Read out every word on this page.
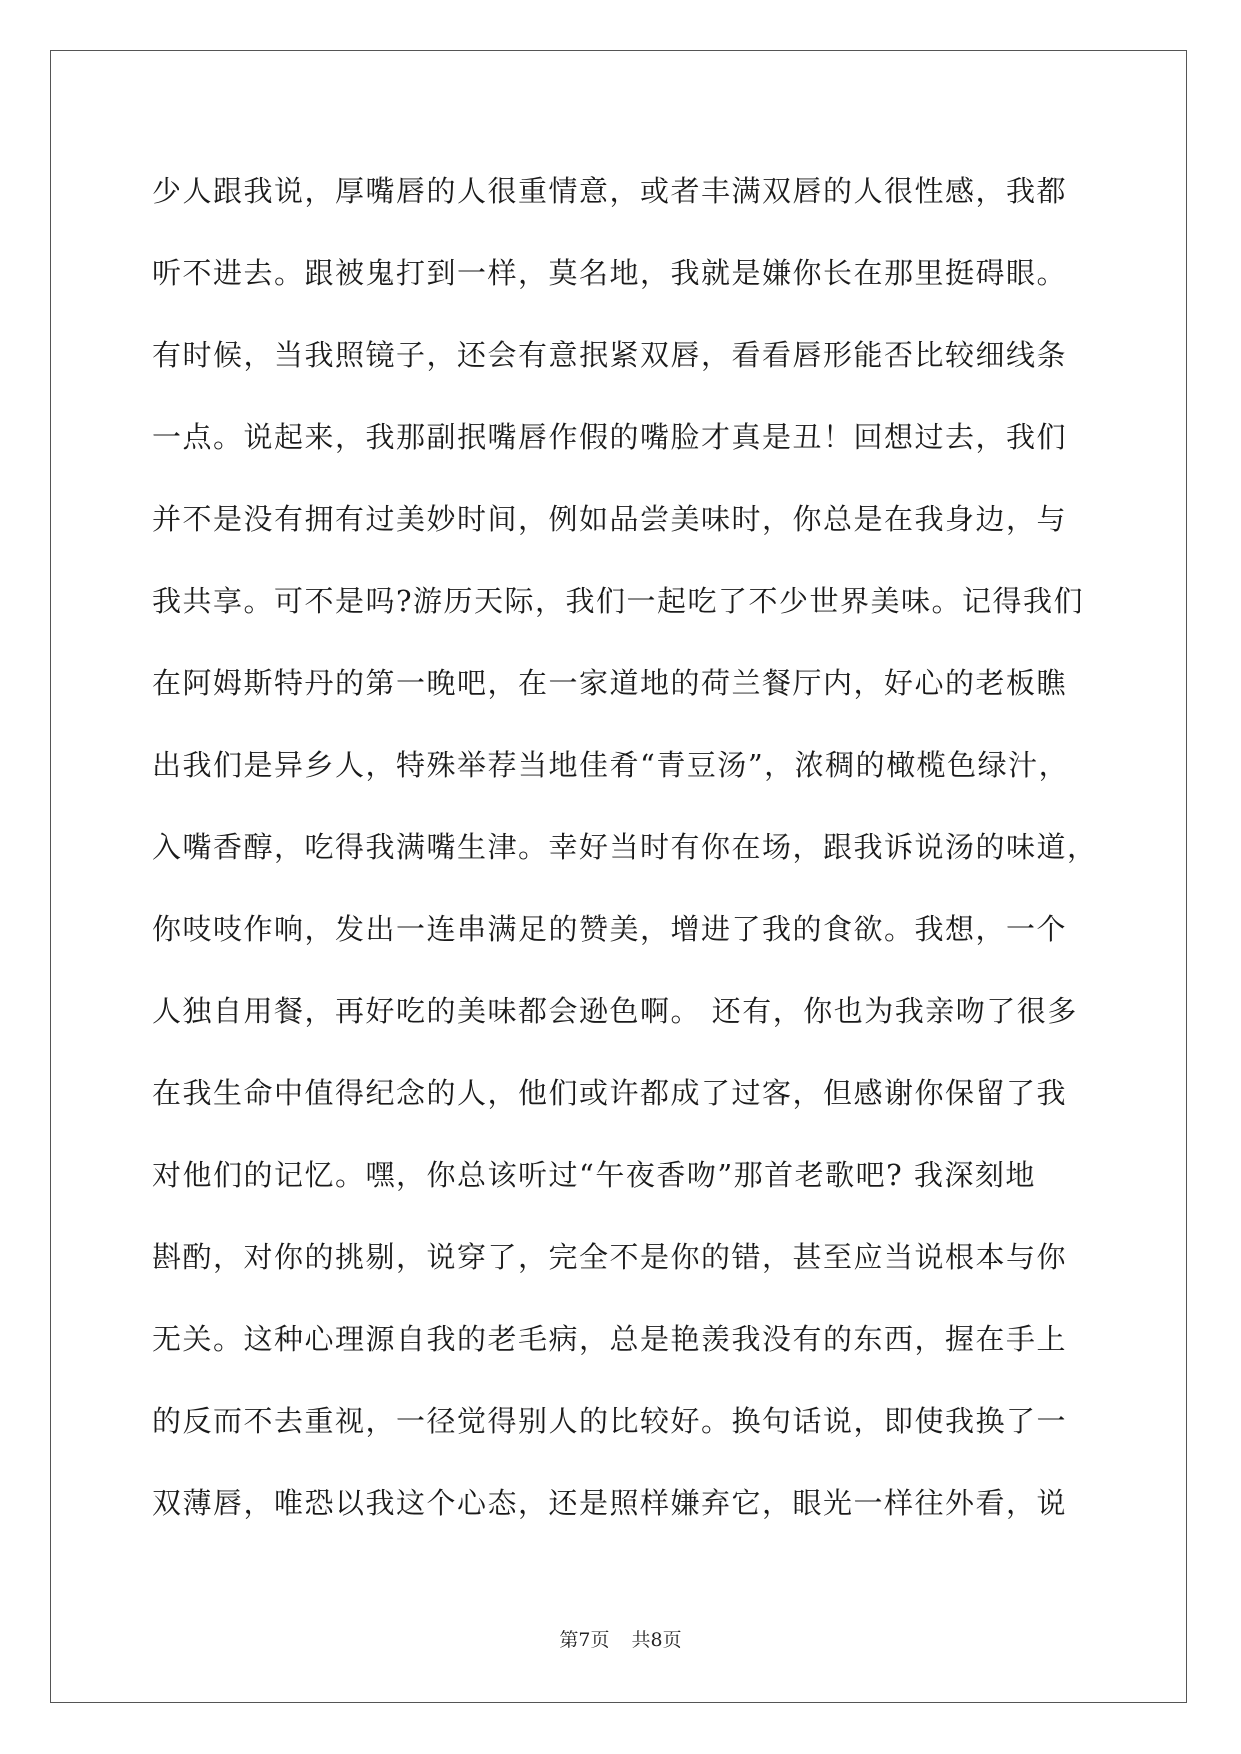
少人跟我说，厚嘴唇的人很重情意，或者丰满双唇的人很性感，我都
听不进去。跟被鬼打到一样，莫名地，我就是嫌你长在那里挺碍眼。
有时候，当我照镜子，还会有意抿紧双唇，看看唇形能否比较细线条
一点。说起来，我那副抿嘴唇作假的嘴脸才真是丑！回想过去，我们
并不是没有拥有过美妙时间，例如品尝美味时，你总是在我身边，与
我共享。可不是吗?游历天际，我们一起吃了不少世界美味。记得我们
在阿姆斯特丹的第一晚吧，在一家道地的荷兰餐厅内，好心的老板瞧
出我们是异乡人，特殊举荐当地佳肴“青豆汤”，浓稠的橄榄色绿汁，
入嘴香醇，吃得我满嘴生津。幸好当时有你在场，跟我诉说汤的味道，
你吱吱作响，发出一连串满足的赞美，增进了我的食欲。我想，一个
人独自用餐，再好吃的美味都会逊色啊。 还有，你也为我亲吻了很多
在我生命中值得纪念的人，他们或许都成了过客，但感谢你保留了我
对他们的记忆。嘿，你总该听过“午夜香吻”那首老歌吧? 我深刻地
斟酌，对你的挑剔，说穿了，完全不是你的错，甚至应当说根本与你
无关。这种心理源自我的老毛病，总是艳羡我没有的东西，握在手上
的反而不去重视，一径觉得别人的比较好。换句话说，即使我换了一
双薄唇，唯恐以我这个心态，还是照样嫌弃它，眼光一样往外看，说
第7页 共8页
